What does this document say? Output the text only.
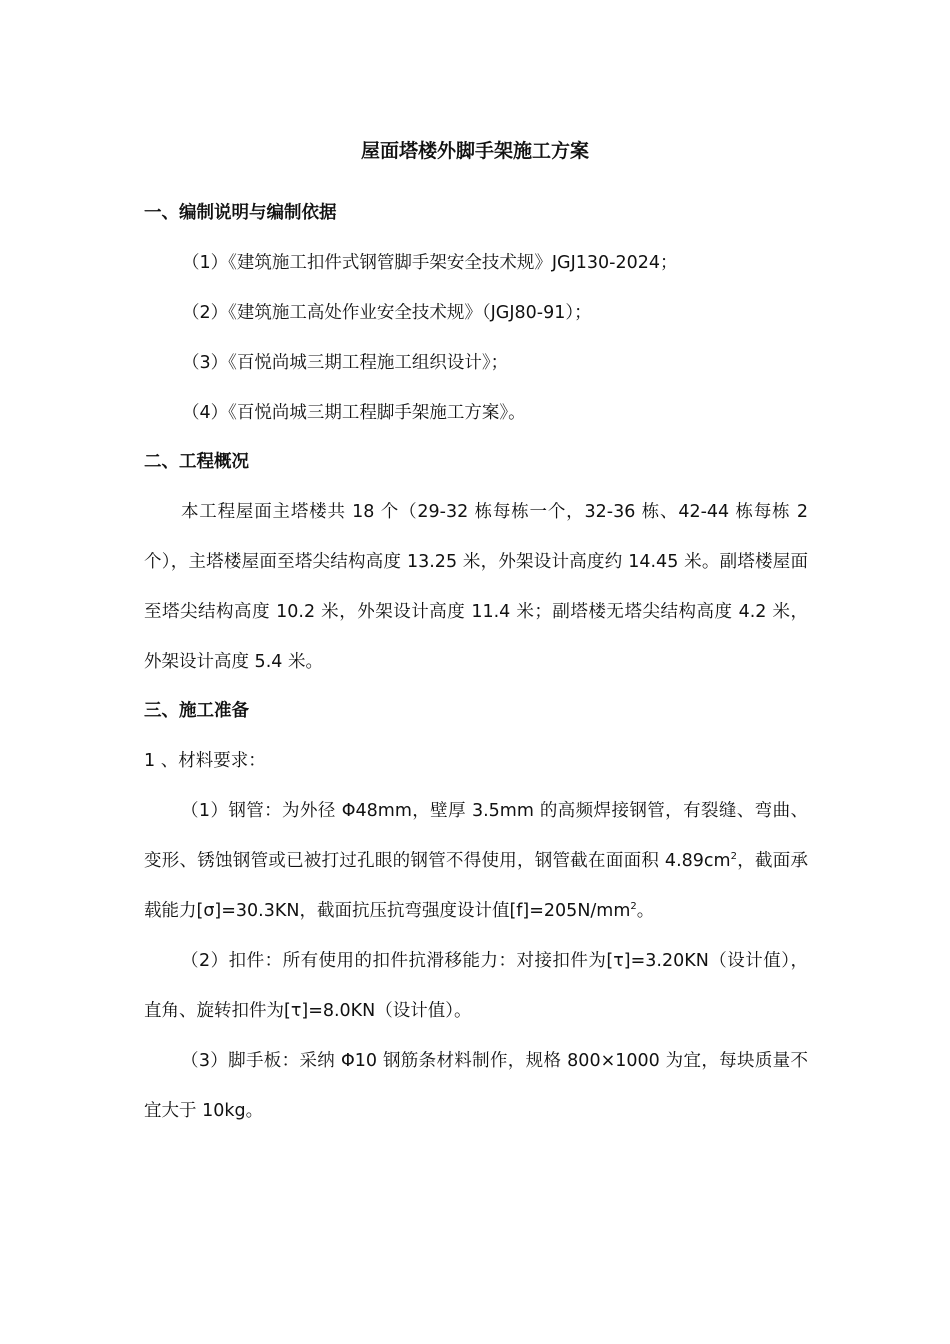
屋面塔楼外脚手架施工方案
一、编制说明与编制依据
（1）《建筑施工扣件式钢管脚手架安全技术规》JGJ130-2024；
（2）《建筑施工高处作业安全技术规》（JGJ80-91）；
（3）《百悦尚城三期工程施工组织设计》；
（4）《百悦尚城三期工程脚手架施工方案》。
二、工程概况
本工程屋面主塔楼共 18 个（29-32 栋每栋一个，32-36 栋、42-44 栋每栋 2 个），主塔楼屋面至塔尖结构高度 13.25 米，外架设计高度约 14.45 米。副塔楼屋面至塔尖结构高度 10.2 米，外架设计高度 11.4 米；副塔楼无塔尖结构高度 4.2 米，外架设计高度 5.4 米。
三、施工准备
1 、材料要求：
（1）钢管：为外径 Φ48mm，壁厚 3.5mm 的高频焊接钢管，有裂缝、弯曲、变形、锈蚀钢管或已被打过孔眼的钢管不得使用，钢管截在面面积 $4.89cm^2$，截面承载能力[σ]=30.3KN，截面抗压抗弯强度设计值$[f]=205N/mm^2$。
（2）扣件：所有使用的扣件抗滑移能力：对接扣件为[τ]=3.20KN（设计值），直角、旋转扣件为[τ]=8.0KN（设计值）。
（3）脚手板：采纳 Φ10 钢筋条材料制作，规格 800×1000 为宜，每块质量不宜大于 10kg。
